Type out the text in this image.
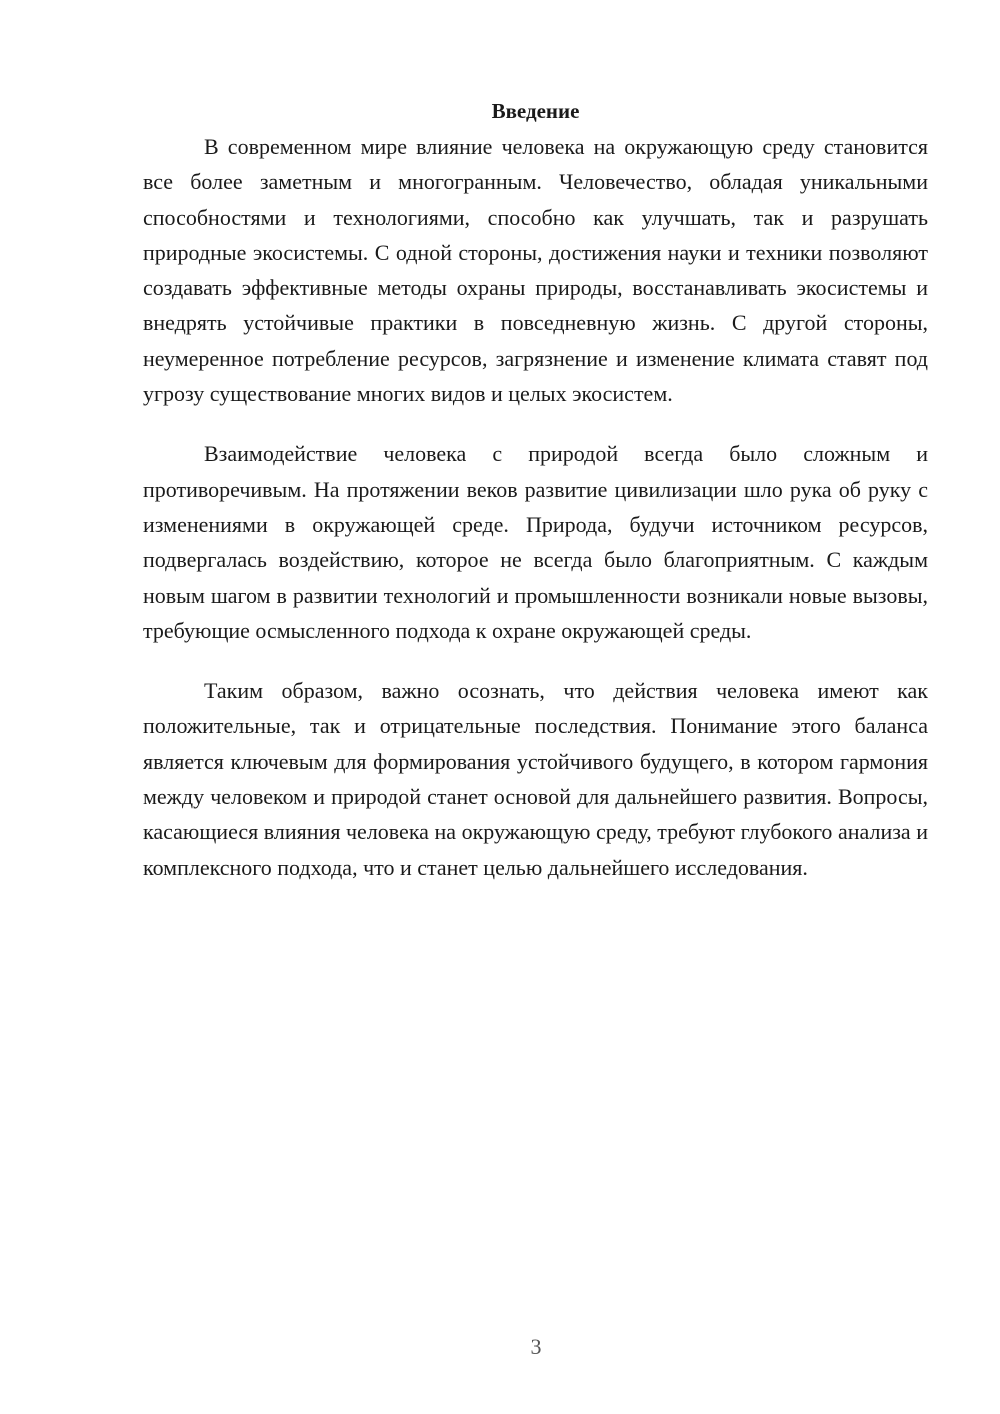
Введение

В современном мире влияние человека на окружающую среду становится все более заметным и многогранным. Человечество, обладая уникальными способностями и технологиями, способно как улучшать, так и разрушать природные экосистемы. С одной стороны, достижения науки и техники позволяют создавать эффективные методы охраны природы, восстанавливать экосистемы и внедрять устойчивые практики в повседневную жизнь. С другой стороны, неумеренное потребление ресурсов, загрязнение и изменение климата ставят под угрозу существование многих видов и целых экосистем.

Взаимодействие человека с природой всегда было сложным и противоречивым. На протяжении веков развитие цивилизации шло рука об руку с изменениями в окружающей среде. Природа, будучи источником ресурсов, подвергалась воздействию, которое не всегда было благоприятным. С каждым новым шагом в развитии технологий и промышленности возникали новые вызовы, требующие осмысленного подхода к охране окружающей среды.

Таким образом, важно осознать, что действия человека имеют как положительные, так и отрицательные последствия. Понимание этого баланса является ключевым для формирования устойчивого будущего, в котором гармония между человеком и природой станет основой для дальнейшего развития. Вопросы, касающиеся влияния человека на окружающую среду, требуют глубокого анализа и комплексного подхода, что и станет целью дальнейшего исследования.

3
